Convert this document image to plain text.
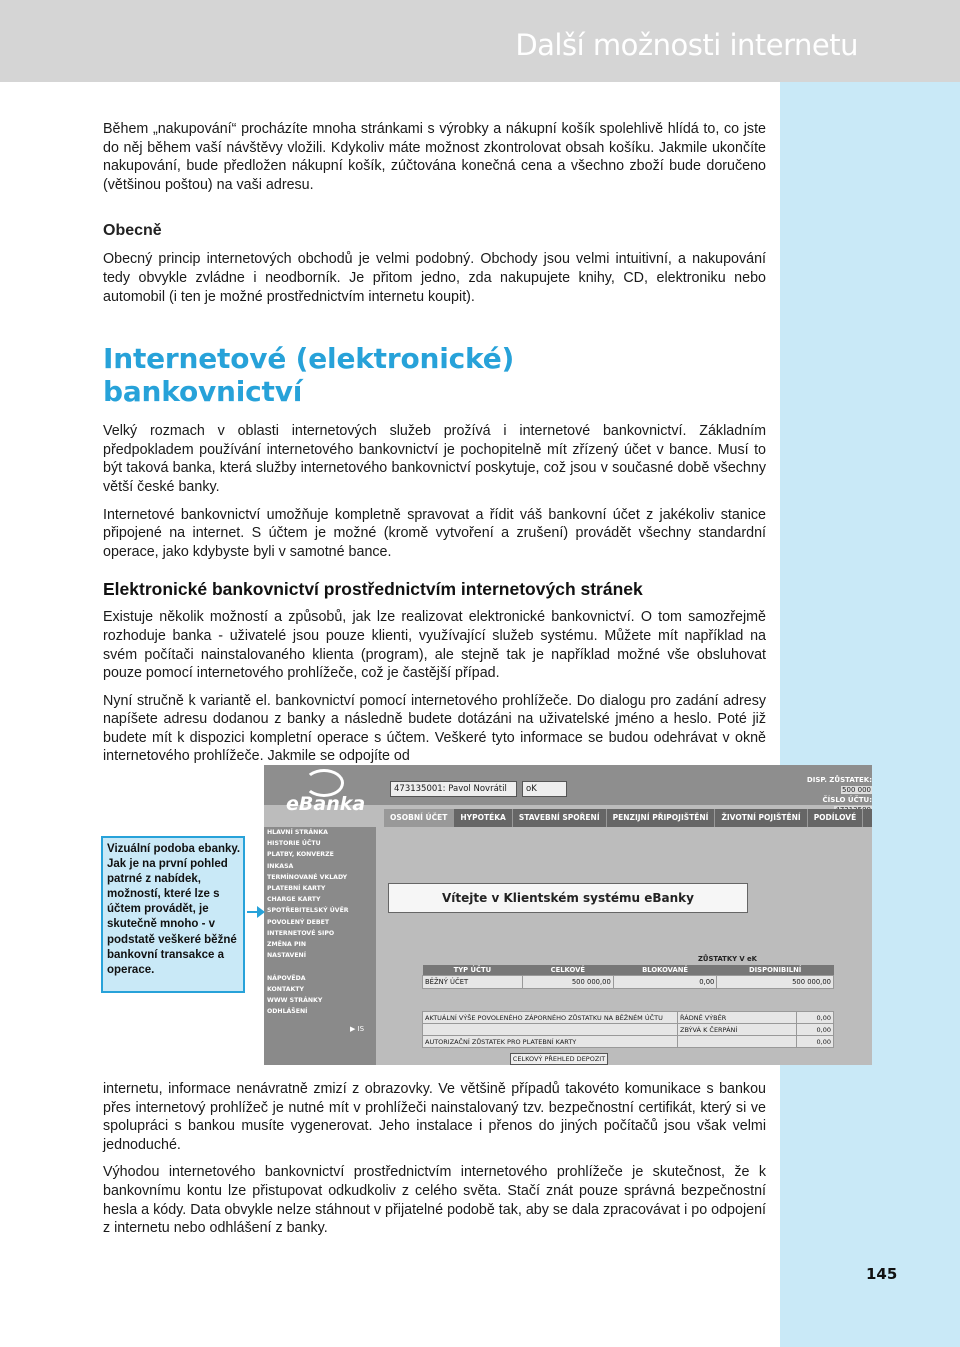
Další možnosti internetu
145

Během „nakupování“ procházíte mnoha stránkami s výrobky a nákupní košík spolehlivě hlídá to, co jste do něj během vaší návštěvy vložili. Kdykoliv máte možnost zkontrolovat obsah košíku. Jakmile ukončíte nakupování, bude předložen nákupní košík, zúčtována konečná cena a všechno zboží bude doručeno (většinou poštou) na vaši adresu.

Obecně

Obecný princip internetových obchodů je velmi podobný. Obchody jsou velmi intuitivní, a nakupování tedy obvykle zvládne i neodborník. Je přitom jedno, zda nakupujete knihy, CD, elektroniku nebo automobil (i ten je možné prostřednictvím internetu koupit).

Internetové (elektronické)

bankovnictví

Velký rozmach v oblasti internetových služeb prožívá i internetové bankovnictví. Základním předpokladem používání internetového bankovnictví je pochopitelně mít zřízený účet v bance. Musí to být taková banka, která služby internetového bankovnictví poskytuje, což jsou v současné době všechny větší české banky.

Internetové bankovnictví umožňuje kompletně spravovat a řídit váš bankovní účet z jakékoliv stanice připojené na internet. S účtem je možné (kromě vytvoření a zrušení) provádět všechny standardní operace, jako kdybyste byli v samotné bance.

Elektronické bankovnictví prostřednictvím internetových stránek

Existuje několik možností a způsobů, jak lze realizovat elektronické bankovnictví. O tom samozřejmě rozhoduje banka - uživatelé jsou pouze klienti, využívající služeb systému. Můžete mít například na svém počítači nainstalovaného klienta (program), ale stejně tak je například možné vše obsluhovat pouze pomocí internetového prohlížeče, což je častější případ.

Nyní stručně k variantě el. bankovnictví pomocí internetového prohlížeče. Do dialogu pro zadání adresy napíšete adresu dodanou z banky a následně budete dotázáni na uživatelské jméno a heslo. Poté již budete mít k dispozici kompletní operace s účtem. Veškeré tyto informace se budou odehrávat v okně internetového prohlížeče. Jakmile se odpojíte od

eBanka
473135001: Pavol Novrátil	oK
DISP. ZŮSTATEK: 500 000
ČÍSLO ÚČTU:
OSOBNÍ ÚČET	HYPOTÉKA	STAVEBNÍ SPOŘENÍ	PENZIJNÍ PŘIPOJIŠTĚNÍ	ŽIVOTNÍ POJIŠTĚNÍ	PODÍLOVÉ
HLAVNÍ STRÁNKA
HISTORIE ÚČTU
PLATBY, KONVERZE
INKASA
TERMÍNOVANÉ VKLADY
PLATEBNÍ KARTY
CHARGE KARTY
SPOTŘEBITELSKÝ ÚVĚR
POVOLENÝ DEBET
INTERNETOVÉ SIPO
ZMĚNA PIN
NASTAVENÍ

NÁPOVĚDA
KONTAKTY
WWW STRÁNKY
ODHLÁŠENÍ
▶ IS
Vítejte v Klientském systému eBanky
ZŮSTATKY V eK
TYP ÚČTU	CELKOVÉ	BLOKOVANÉ	DISPONIBILNÍ
BĚŽNÝ ÚČET	500 000,00	0,00	500 000,00
AKTUÁLNÍ VÝŠE POVOLENÉHO ZÁPORNÉHO ZŮSTATKU NA BĚŽNÉM ÚČTU	ŘÁDNĚ VÝBĚR	0,00
	ZBÝVÁ K ČERPÁNÍ	0,00
AUTORIZAČNÍ ZŮSTATEK PRO PLATEBNÍ KARTY		0,00
CELKOVÝ PŘEHLED DEPOZIT
Vizuální podoba ebanky. Jak je na první pohled patrné z nabídek, možností, které lze s účtem provádět, je skutečně mnoho - v podstatě veškeré běžné bankovní transakce a operace.

internetu, informace nenávratně zmizí z obrazovky. Ve většině případů takovéto komunikace s bankou přes internetový prohlížeč je nutné mít v prohlížeči nainstalovaný tzv. bezpečnostní certifikát, který si ve spolupráci s bankou musíte vygenerovat. Jeho instalace i přenos do jiných počítačů jsou však velmi jednoduché.

Výhodou internetového bankovnictví prostřednictvím internetového prohlížeče je skutečnost, že k bankovnímu kontu lze přistupovat odkudkoliv z celého světa. Stačí znát pouze správná bezpečnostní hesla a kódy. Data obvykle nelze stáhnout v přijatelné podobě tak, aby se dala zpracovávat i po odpojení z internetu nebo odhlášení z banky.
